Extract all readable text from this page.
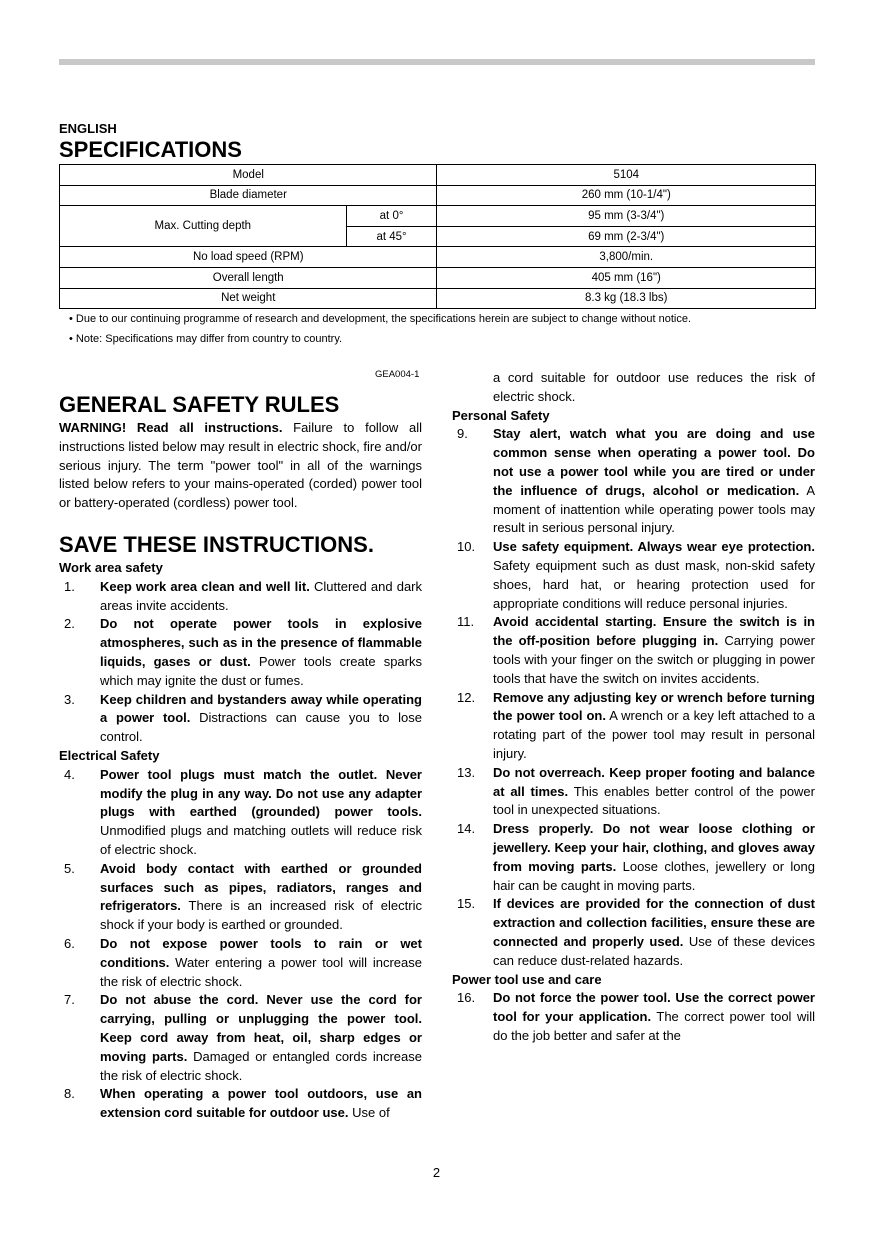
ENGLISH
SPECIFICATIONS
Model		5104
Blade diameter		260 mm (10-1/4")
Max. Cutting depth	at 0°	95 mm (3-3/4")
	at 45°	69 mm (2-3/4")
No load speed (RPM)		3,800/min.
Overall length		405 mm (16")
Net weight		8.3 kg (18.3 lbs)
• Due to our continuing programme of research and development, the specifications herein are subject to change without notice.
• Note: Specifications may differ from country to country.
GEA004-1
GENERAL SAFETY RULES

WARNING! Read all instructions. Failure to follow all instructions listed below may result in electric shock, fire and/or serious injury. The term "power tool" in all of the warnings listed below refers to your mains-operated (corded) power tool or battery-operated (cordless) power tool.

SAVE THESE INSTRUCTIONS.

Work area safety

1.	Keep work area clean and well lit. Cluttered and dark areas invite accidents.
2.	Do not operate power tools in explosive atmospheres, such as in the presence of flammable liquids, gases or dust. Power tools create sparks which may ignite the dust or fumes.
3.	Keep children and bystanders away while operating a power tool. Distractions can cause you to lose control.

Electrical Safety

4.	Power tool plugs must match the outlet. Never modify the plug in any way. Do not use any adapter plugs with earthed (grounded) power tools. Unmodified plugs and matching outlets will reduce risk of electric shock.
5.	Avoid body contact with earthed or grounded surfaces such as pipes, radiators, ranges and refrigerators. There is an increased risk of electric shock if your body is earthed or grounded.
6.	Do not expose power tools to rain or wet conditions. Water entering a power tool will increase the risk of electric shock.
7.	Do not abuse the cord. Never use the cord for carrying, pulling or unplugging the power tool. Keep cord away from heat, oil, sharp edges or moving parts. Damaged or entangled cords increase the risk of electric shock.
8.	When operating a power tool outdoors, use an extension cord suitable for outdoor use. Use of

a cord suitable for outdoor use reduces the risk of electric shock.

Personal Safety

9.	Stay alert, watch what you are doing and use common sense when operating a power tool. Do not use a power tool while you are tired or under the influence of drugs, alcohol or medication. A moment of inattention while operating power tools may result in serious personal injury.
10.	Use safety equipment. Always wear eye protection. Safety equipment such as dust mask, non-skid safety shoes, hard hat, or hearing protection used for appropriate conditions will reduce personal injuries.
11.	Avoid accidental starting. Ensure the switch is in the off-position before plugging in. Carrying power tools with your finger on the switch or plugging in power tools that have the switch on invites accidents.
12.	Remove any adjusting key or wrench before turning the power tool on. A wrench or a key left attached to a rotating part of the power tool may result in personal injury.
13.	Do not overreach. Keep proper footing and balance at all times. This enables better control of the power tool in unexpected situations.
14.	Dress properly. Do not wear loose clothing or jewellery. Keep your hair, clothing, and gloves away from moving parts. Loose clothes, jewellery or long hair can be caught in moving parts.
15.	If devices are provided for the connection of dust extraction and collection facilities, ensure these are connected and properly used. Use of these devices can reduce dust-related hazards.

Power tool use and care

16.	Do not force the power tool. Use the correct power tool for your application. The correct power tool will do the job better and safer at the
2
